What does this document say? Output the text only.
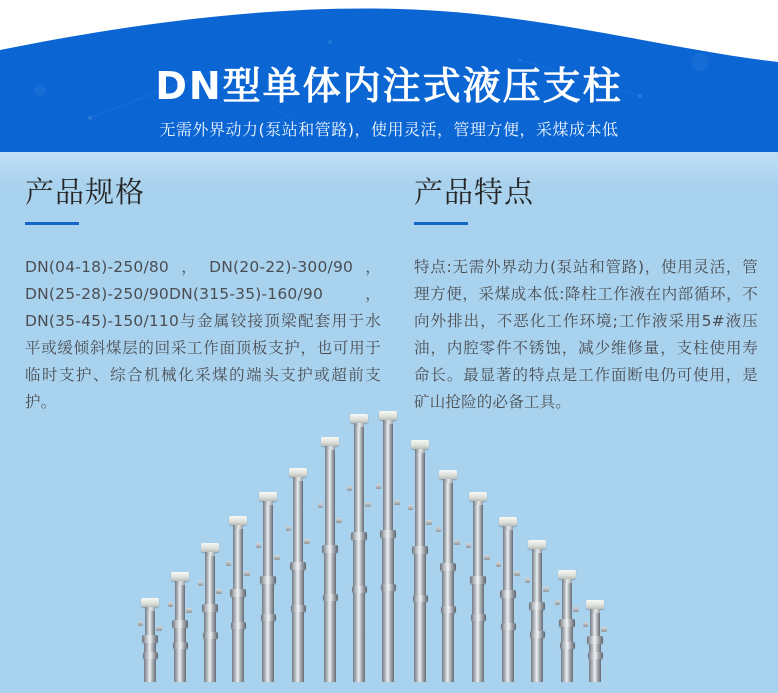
产品规格

DN(04-18)-250/80，DN(20-22)-300/90，DN(25-28)-250/90DN(315-35)-160/90，DN(35-45)-150/110与金属铰接顶梁配套用于水平或缓倾斜煤层的回采工作面顶板支护，也可用于临时支护、综合机械化采煤的端头支护或超前支护。

产品特点

特点:无需外界动力(泵站和管路)，使用灵活，管理方便，采煤成本低:降柱工作液在内部循环，不向外排出，不恶化工作环境;工作液采用5#液压油，内腔零件不锈蚀，减少维修量，支柱使用寿命长。最显著的特点是工作面断电仍可使用，是矿山抢险的必备工具。

DN型单体内注式液压支柱
无需外界动力(泵站和管路)，使用灵活，管理方便，采煤成本低
